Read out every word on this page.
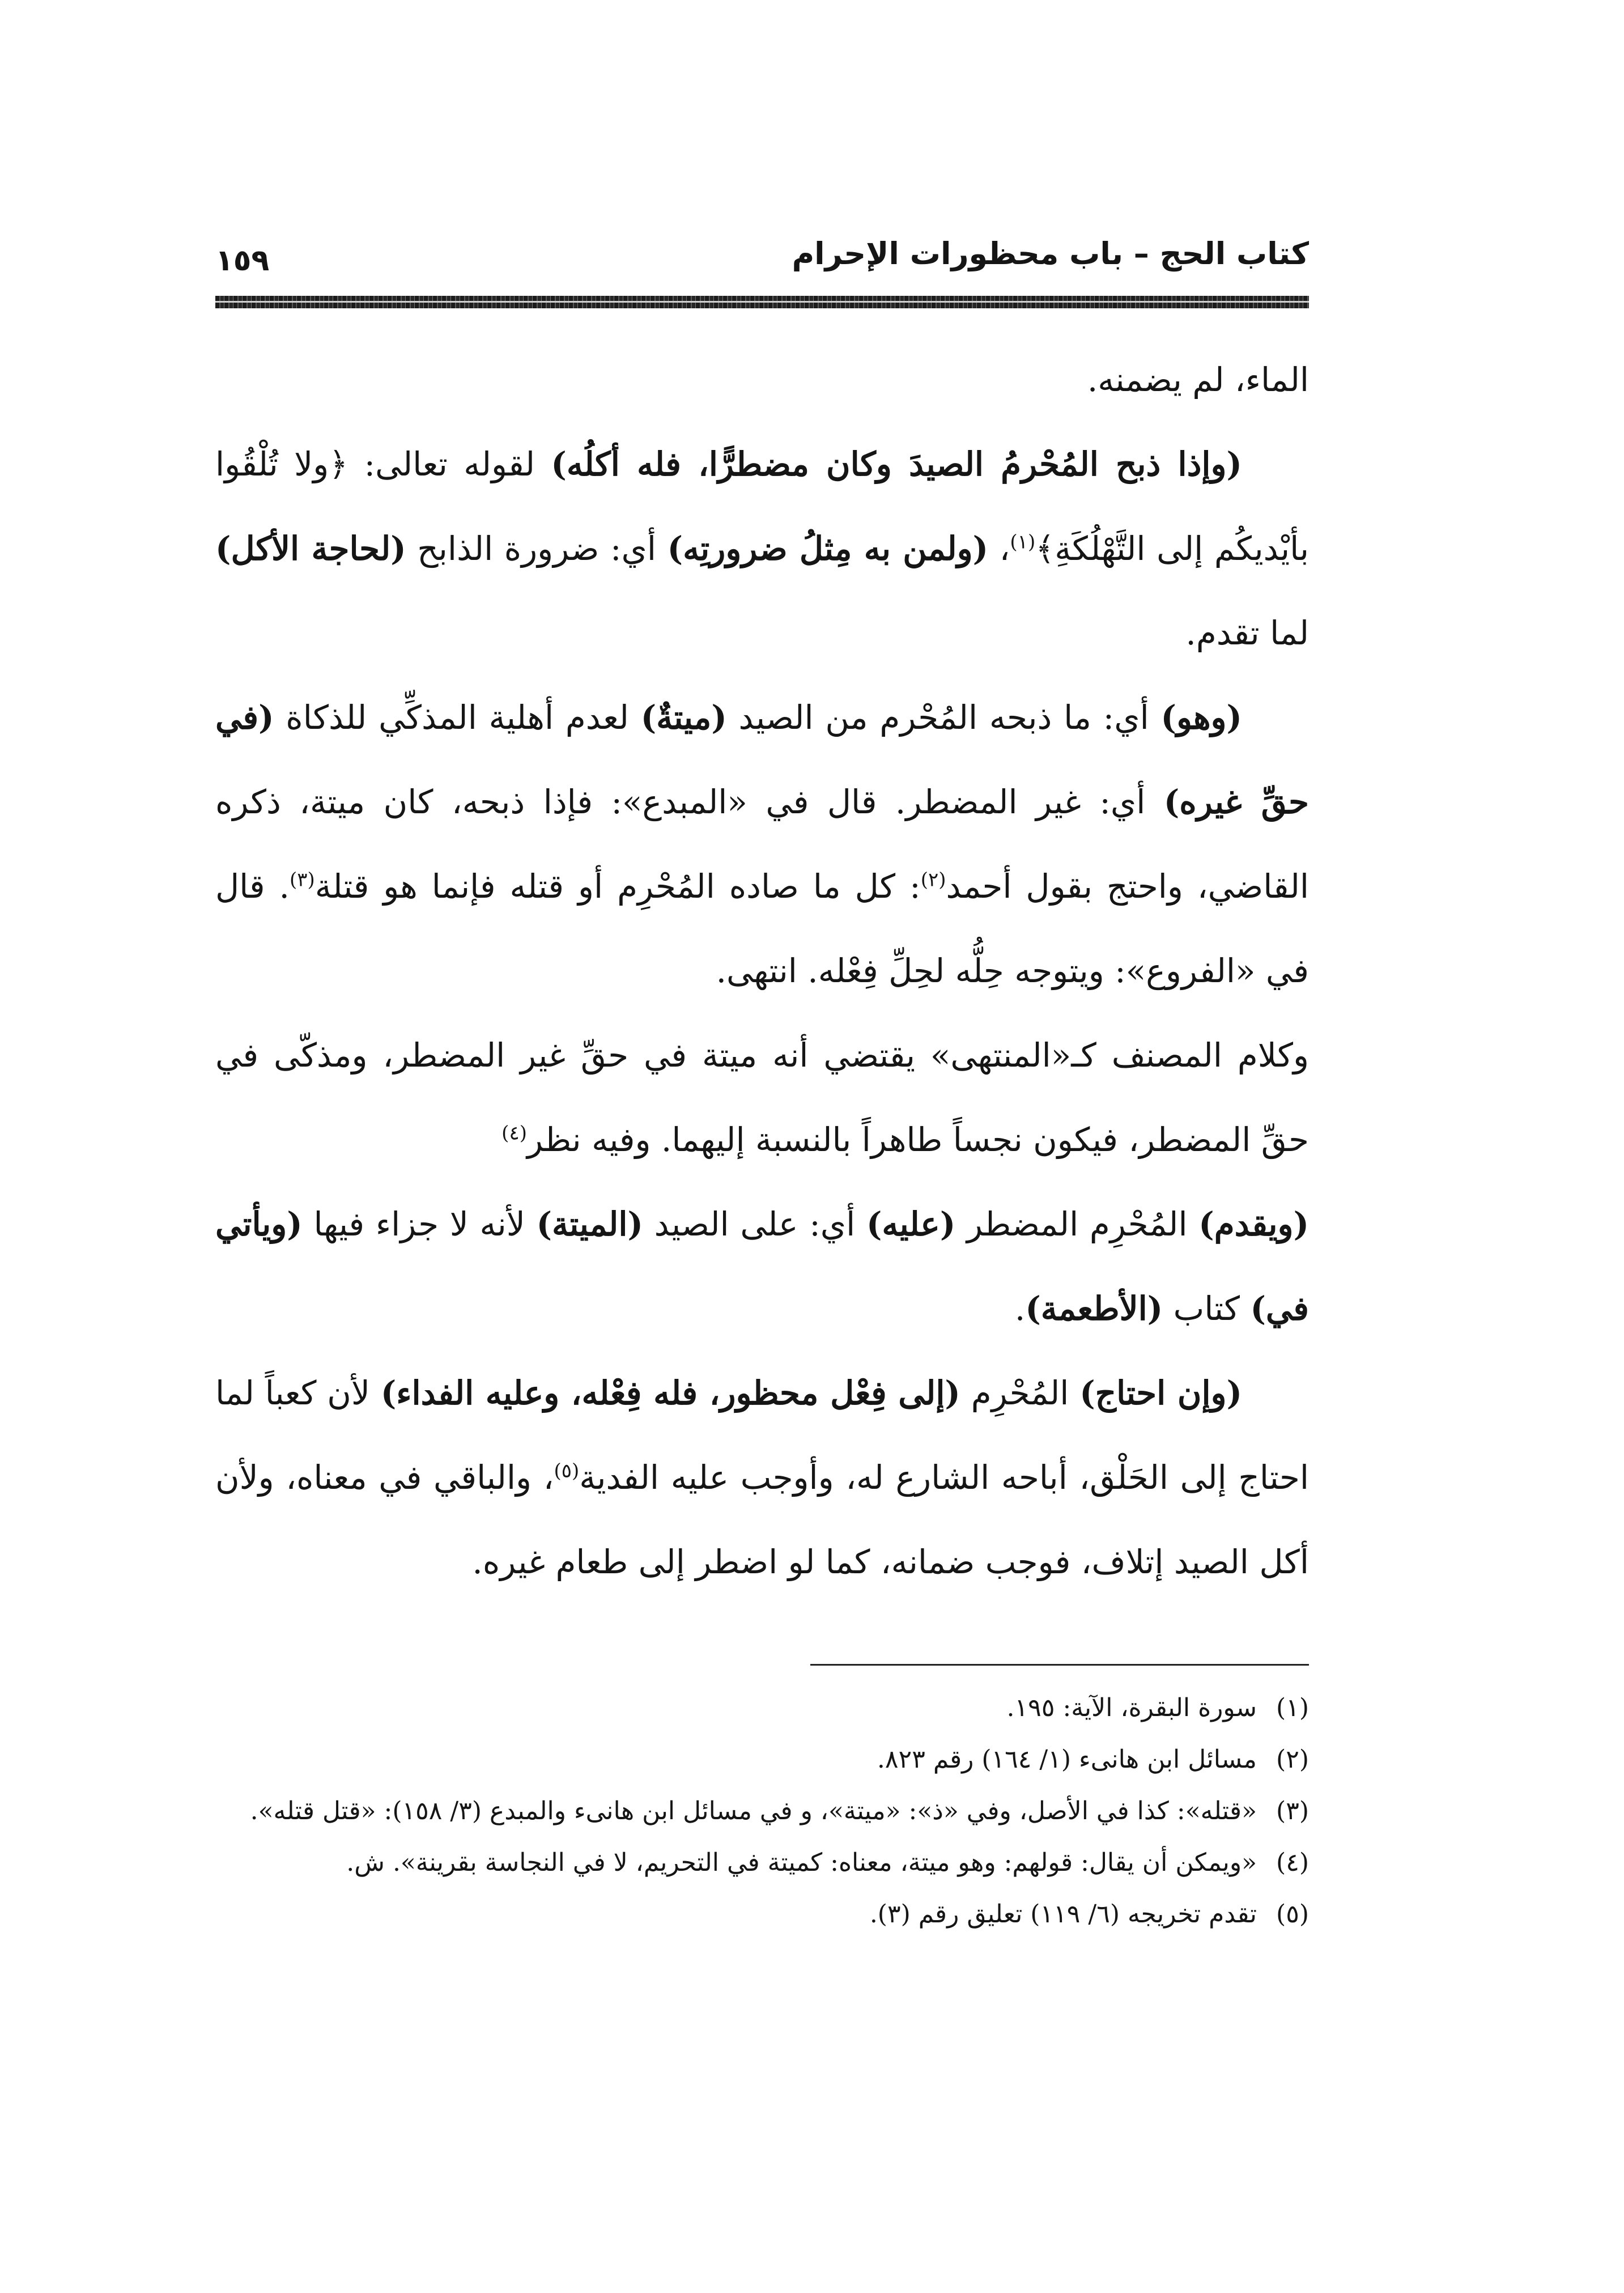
كتاب الحج – باب محظورات الإحرام
١٥٩

الماء، لم يضمنه.

(وإذا ذبح المُحْرمُ الصيدَ وكان مضطرًّا، فله أكلُه) لقوله تعالى: ﴿ولا تُلْقُوا بأيْديكُم إلى التَّهْلُكَةِ﴾$^{(١)}$، (ولمن به مِثلُ ضرورتِه) أي: ضرورة الذابح (لحاجة الأكل) لما تقدم.

(وهو) أي: ما ذبحه المُحْرم من الصيد (ميتةٌ) لعدم أهلية المذكِّي للذكاة (في حقِّ غيره) أي: غير المضطر. قال في «المبدع»: فإذا ذبحه، كان ميتة، ذكره القاضي، واحتج بقول أحمد$^{(٢)}$: كل ما صاده المُحْرِم أو قتله فإنما هو قتلة$^{(٣)}$. قال في «الفروع»: ويتوجه حِلُّه لحِلِّ فِعْله. انتهى.

وكلام المصنف كـ«المنتهى» يقتضي أنه ميتة في حقِّ غير المضطر، ومذكّى في حقِّ المضطر، فيكون نجساً طاهراً بالنسبة إليهما. وفيه نظر$^{(٤)}$

(ويقدم) المُحْرِم المضطر (عليه) أي: على الصيد (الميتة) لأنه لا جزاء فيها (ويأتي في) كتاب (الأطعمة).

(وإن احتاج) المُحْرِم (إلى فِعْل محظور، فله فِعْله، وعليه الفداء) لأن كعباً لما احتاج إلى الحَلْق، أباحه الشارع له، وأوجب عليه الفدية$^{(٥)}$، والباقي في معناه، ولأن أكل الصيد إتلاف، فوجب ضمانه، كما لو اضطر إلى طعام غيره.

(١)
سورة البقرة، الآية: ١٩٥.

(٢)
مسائل ابن هانىء (١/ ١٦٤) رقم ٨٢٣.

(٣)
«قتله»: كذا في الأصل، وفي «ذ»: «ميتة»، و في مسائل ابن هانىء والمبدع (٣/ ١٥٨): «قتل قتله».

(٤)
«ويمكن أن يقال: قولهم: وهو ميتة، معناه: كميتة في التحريم، لا في النجاسة بقرينة». ش.

(٥)
تقدم تخريجه (٦/ ١١٩) تعليق رقم (٣).
